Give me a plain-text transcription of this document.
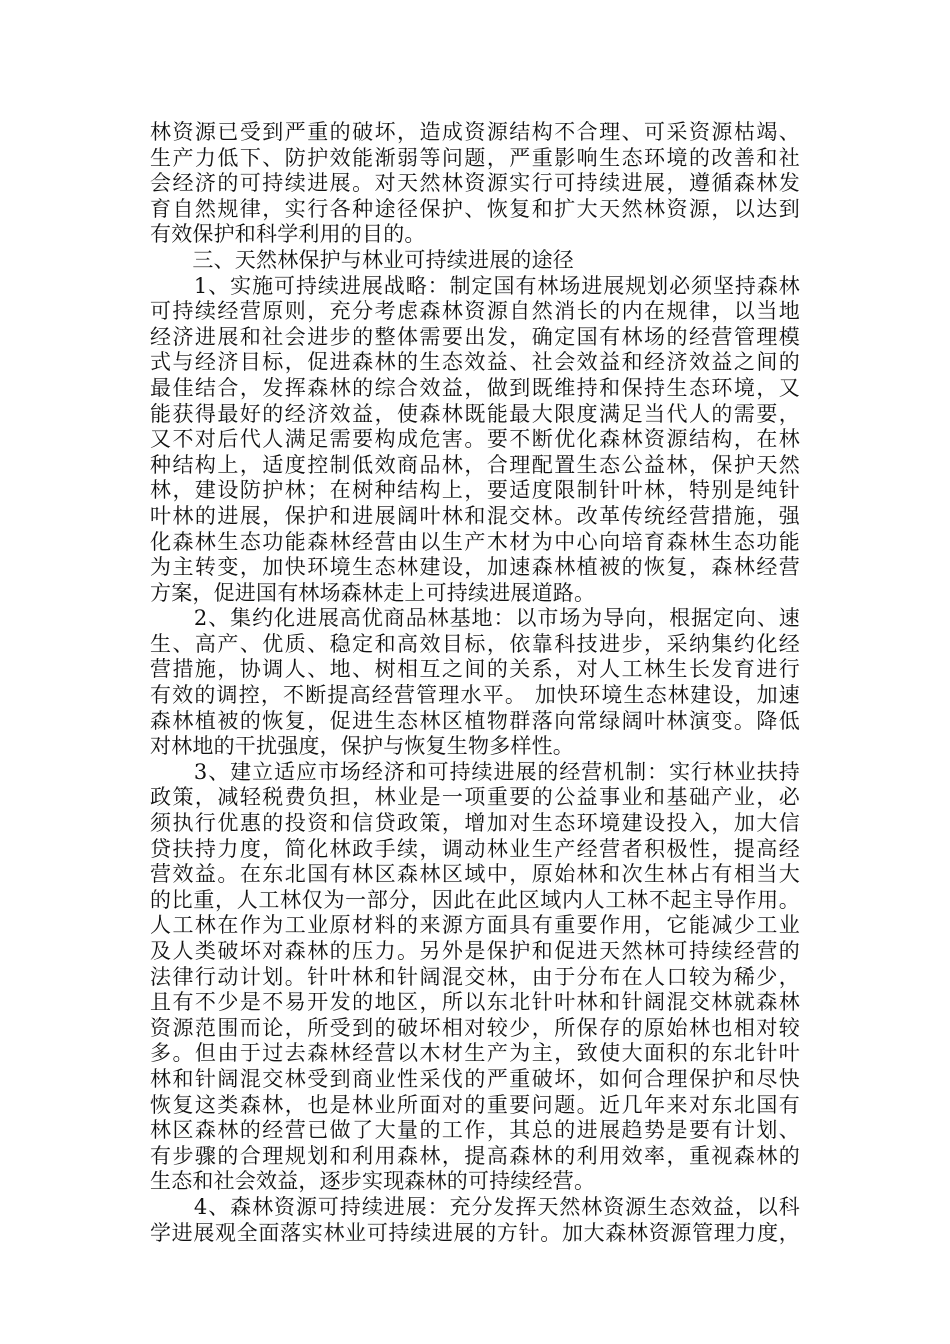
林资源已受到严重的破坏，造成资源结构不合理、可采资源枯竭、
生产力低下、防护效能渐弱等问题，严重影响生态环境的改善和社
会经济的可持续进展。对天然林资源实行可持续进展，遵循森林发
育自然规律，实行各种途径保护、恢复和扩大天然林资源，以达到
有效保护和科学利用的目的。
　　三、天然林保护与林业可持续进展的途径
　　1、实施可持续进展战略：制定国有林场进展规划必须坚持森林
可持续经营原则，充分考虑森林资源自然消长的内在规律，以当地
经济进展和社会进步的整体需要出发，确定国有林场的经营管理模
式与经济目标，促进森林的生态效益、社会效益和经济效益之间的
最佳结合，发挥森林的综合效益，做到既维持和保持生态环境，又
能获得最好的经济效益，使森林既能最大限度满足当代人的需要，
又不对后代人满足需要构成危害。要不断优化森林资源结构，在林
种结构上，适度控制低效商品林，合理配置生态公益林，保护天然
林，建设防护林；在树种结构上，要适度限制针叶林，特别是纯针
叶林的进展，保护和进展阔叶林和混交林。改革传统经营措施，强
化森林生态功能森林经营由以生产木材为中心向培育森林生态功能
为主转变，加快环境生态林建设，加速森林植被的恢复，森林经营
方案，促进国有林场森林走上可持续进展道路。
　　2、集约化进展高优商品林基地：以市场为导向，根据定向、速
生、高产、优质、稳定和高效目标，依靠科技进步，采纳集约化经
营措施，协调人、地、树相互之间的关系，对人工林生长发育进行
有效的调控，不断提高经营管理水平。 加快环境生态林建设，加速
森林植被的恢复，促进生态林区植物群落向常绿阔叶林演变。降低
对林地的干扰强度，保护与恢复生物多样性。
　　3、建立适应市场经济和可持续进展的经营机制：实行林业扶持
政策，减轻税费负担，林业是一项重要的公益事业和基础产业，必
须执行优惠的投资和信贷政策，增加对生态环境建设投入，加大信
贷扶持力度，简化林政手续，调动林业生产经营者积极性，提高经
营效益。在东北国有林区森林区域中，原始林和次生林占有相当大
的比重，人工林仅为一部分，因此在此区域内人工林不起主导作用。
人工林在作为工业原材料的来源方面具有重要作用，它能减少工业
及人类破坏对森林的压力。另外是保护和促进天然林可持续经营的
法律行动计划。针叶林和针阔混交林，由于分布在人口较为稀少，
且有不少是不易开发的地区，所以东北针叶林和针阔混交林就森林
资源范围而论，所受到的破坏相对较少，所保存的原始林也相对较
多。但由于过去森林经营以木材生产为主，致使大面积的东北针叶
林和针阔混交林受到商业性采伐的严重破坏，如何合理保护和尽快
恢复这类森林，也是林业所面对的重要问题。近几年来对东北国有
林区森林的经营已做了大量的工作，其总的进展趋势是要有计划、
有步骤的合理规划和利用森林，提高森林的利用效率，重视森林的
生态和社会效益，逐步实现森林的可持续经营。
　　4、森林资源可持续进展：充分发挥天然林资源生态效益，以科
学进展观全面落实林业可持续进展的方针。加大森林资源管理力度，
